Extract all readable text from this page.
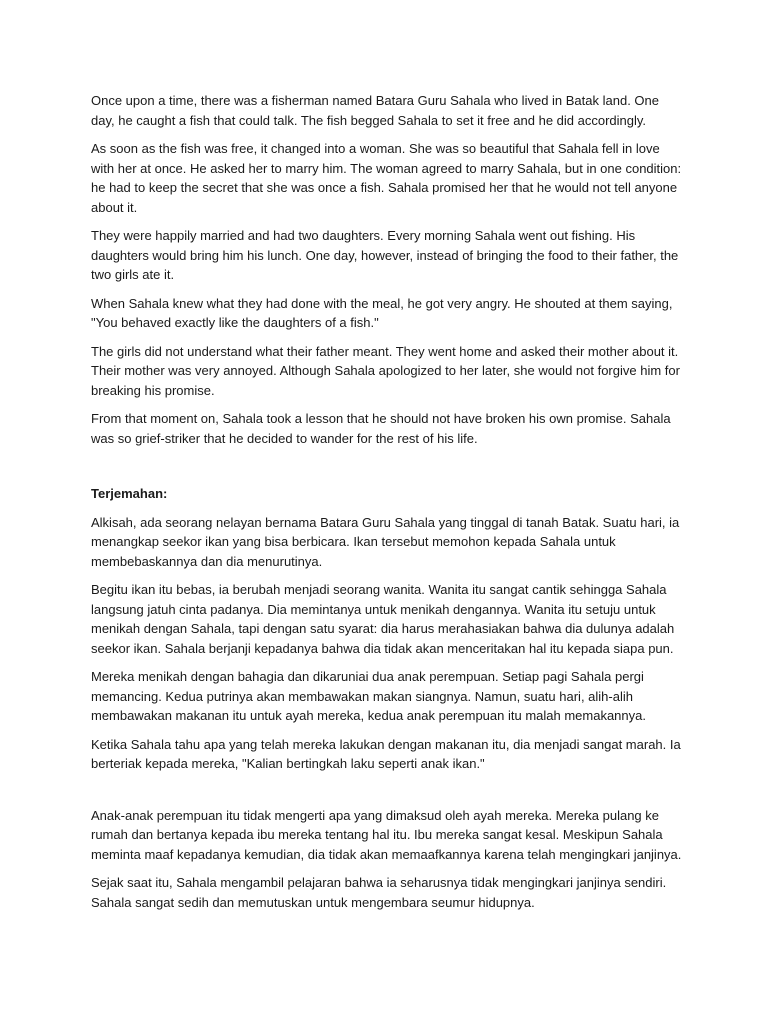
Once upon a time, there was a fisherman named Batara Guru Sahala who lived in Batak land. One day, he caught a fish that could talk. The fish begged Sahala to set it free and he did accordingly.

As soon as the fish was free, it changed into a woman. She was so beautiful that Sahala fell in love with her at once. He asked her to marry him. The woman agreed to marry Sahala, but in one condition: he had to keep the secret that she was once a fish. Sahala promised her that he would not tell anyone about it.

They were happily married and had two daughters. Every morning Sahala went out fishing. His daughters would bring him his lunch. One day, however, instead of bringing the food to their father, the two girls ate it.

When Sahala knew what they had done with the meal, he got very angry. He shouted at them saying, "You behaved exactly like the daughters of a fish."

The girls did not understand what their father meant. They went home and asked their mother about it. Their mother was very annoyed. Although Sahala apologized to her later, she would not forgive him for breaking his promise.

From that moment on, Sahala took a lesson that he should not have broken his own promise. Sahala was so grief-striker that he decided to wander for the rest of his life.

Terjemahan:

Alkisah, ada seorang nelayan bernama Batara Guru Sahala yang tinggal di tanah Batak. Suatu hari, ia menangkap seekor ikan yang bisa berbicara. Ikan tersebut memohon kepada Sahala untuk membebaskannya dan dia menurutinya.

Begitu ikan itu bebas, ia berubah menjadi seorang wanita. Wanita itu sangat cantik sehingga Sahala langsung jatuh cinta padanya. Dia memintanya untuk menikah dengannya. Wanita itu setuju untuk menikah dengan Sahala, tapi dengan satu syarat: dia harus merahasiakan bahwa dia dulunya adalah seekor ikan. Sahala berjanji kepadanya bahwa dia tidak akan menceritakan hal itu kepada siapa pun.

Mereka menikah dengan bahagia dan dikaruniai dua anak perempuan. Setiap pagi Sahala pergi memancing. Kedua putrinya akan membawakan makan siangnya. Namun, suatu hari, alih-alih membawakan makanan itu untuk ayah mereka, kedua anak perempuan itu malah memakannya.

Ketika Sahala tahu apa yang telah mereka lakukan dengan makanan itu, dia menjadi sangat marah. Ia berteriak kepada mereka, "Kalian bertingkah laku seperti anak ikan."

Anak-anak perempuan itu tidak mengerti apa yang dimaksud oleh ayah mereka. Mereka pulang ke rumah dan bertanya kepada ibu mereka tentang hal itu. Ibu mereka sangat kesal. Meskipun Sahala meminta maaf kepadanya kemudian, dia tidak akan memaafkannya karena telah mengingkari janjinya.

Sejak saat itu, Sahala mengambil pelajaran bahwa ia seharusnya tidak mengingkari janjinya sendiri. Sahala sangat sedih dan memutuskan untuk mengembara seumur hidupnya.
